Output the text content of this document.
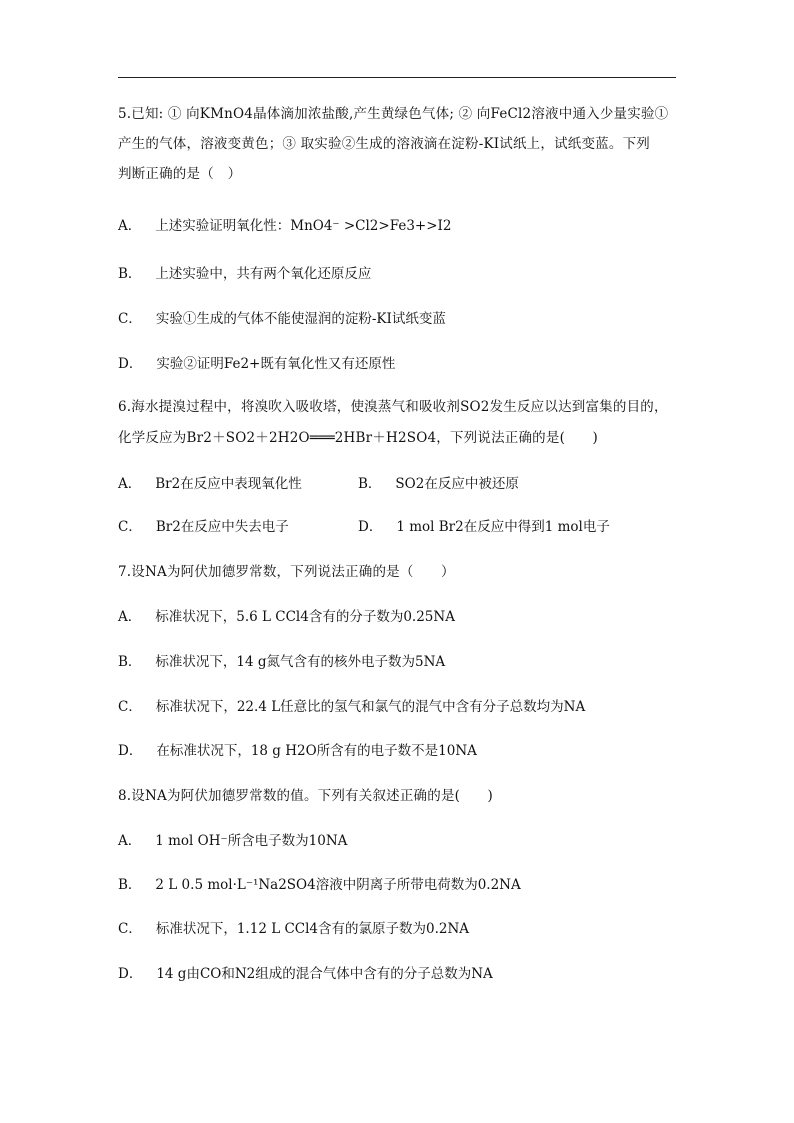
5.已知: ① 向KMnO4晶体滴加浓盐酸,产生黄绿色气体; ② 向FeCl2溶液中通入少量实验①
产生的气体，溶液变黄色；③ 取实验②生成的溶液滴在淀粉-KI试纸上，试纸变蓝。下列
判断正确的是（　）
A． 上述实验证明氧化性：MnO4⁻ >Cl2>Fe3+>I2
B． 上述实验中，共有两个氧化还原反应
C． 实验①生成的气体不能使湿润的淀粉-KI试纸变蓝
D． 实验②证明Fe2+既有氧化性又有还原性
6.海水提溴过程中，将溴吹入吸收塔，使溴蒸气和吸收剂SO2发生反应以达到富集的目的，
化学反应为Br2＋SO2＋2H2O═══2HBr＋H2SO4，下列说法正确的是(　　)
A． Br2在反应中表现氧化性	B． SO2在反应中被还原
C． Br2在反应中失去电子	D． 1 mol Br2在反应中得到1 mol电子
7.设NA为阿伏加德罗常数，下列说法正确的是（　　）
A． 标准状况下，5.6 L CCl4含有的分子数为0.25NA
B． 标准状况下，14 g氮气含有的核外电子数为5NA
C． 标准状况下，22.4 L任意比的氢气和氯气的混气中含有分子总数均为NA
D． 在标准状况下，18 g H2O所含有的电子数不是10NA
8.设NA为阿伏加德罗常数的值。下列有关叙述正确的是(　　)
A． 1 mol OH⁻所含电子数为10NA
B． 2 L 0.5 mol·L⁻¹Na2SO4溶液中阴离子所带电荷数为0.2NA
C． 标准状况下，1.12 L CCl4含有的氯原子数为0.2NA
D． 14 g由CO和N2组成的混合气体中含有的分子总数为NA
